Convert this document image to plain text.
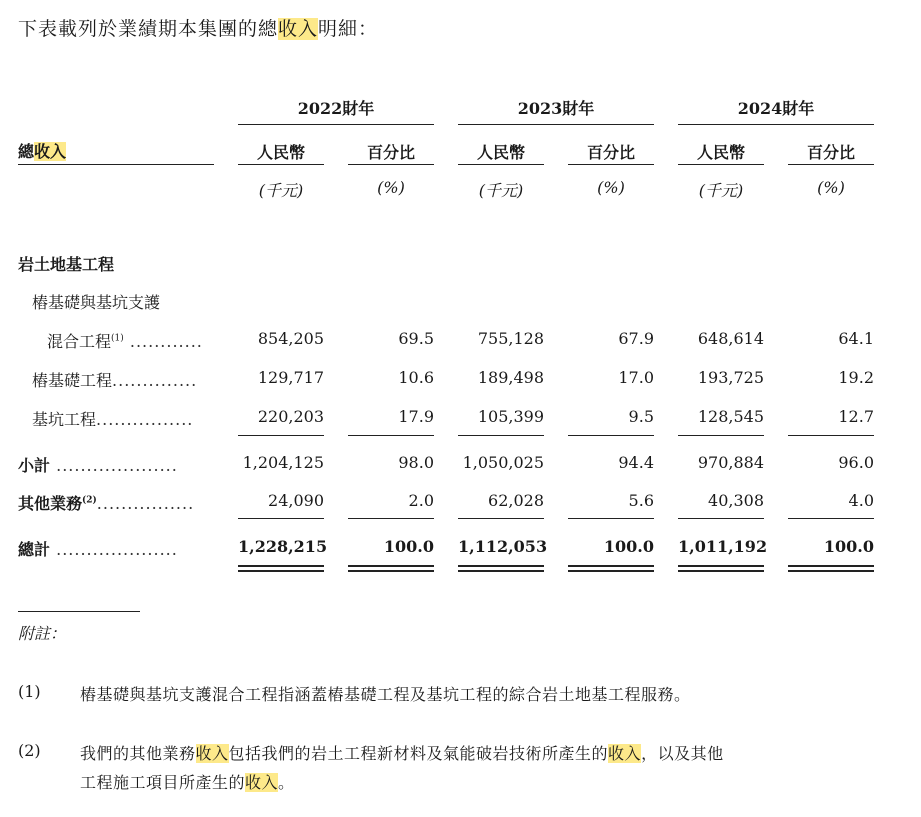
下表載列於業績期本集團的總收入明細：
2022財年	2023財年	2024財年
總收入	人民幣	百分比	人民幣	百分比	人民幣	百分比
(千元)	(%)	(千元)	(%)	(千元)	(%)
岩土地基工程
樁基礎與基坑支護
混合工程$^{(1)}$ ............	854,205	69.5	755,128	67.9	648,614	64.1
樁基礎工程..............	129,717	10.6	189,498	17.0	193,725	19.2
基坑工程................	220,203	17.9	105,399	9.5	128,545	12.7
小計 ....................	1,204,125	98.0 1,050,025	94.4	970,884	96.0
其他業務$^{(2)}$................	24,090	2.0	62,028	5.6	40,308	4.0
總計 ....................	1,228,215	100.0 1,112,053	100.0 1,011,192	100.0
附註：
(1) 樁基礎與基坑支護混合工程指涵蓋樁基礎工程及基坑工程的綜合岩土地基工程服務。
(2) 我們的其他業務收入包括我們的岩土工程新材料及氣能破岩技術所產生的收入，以及其他
工程施工項目所產生的收入。
